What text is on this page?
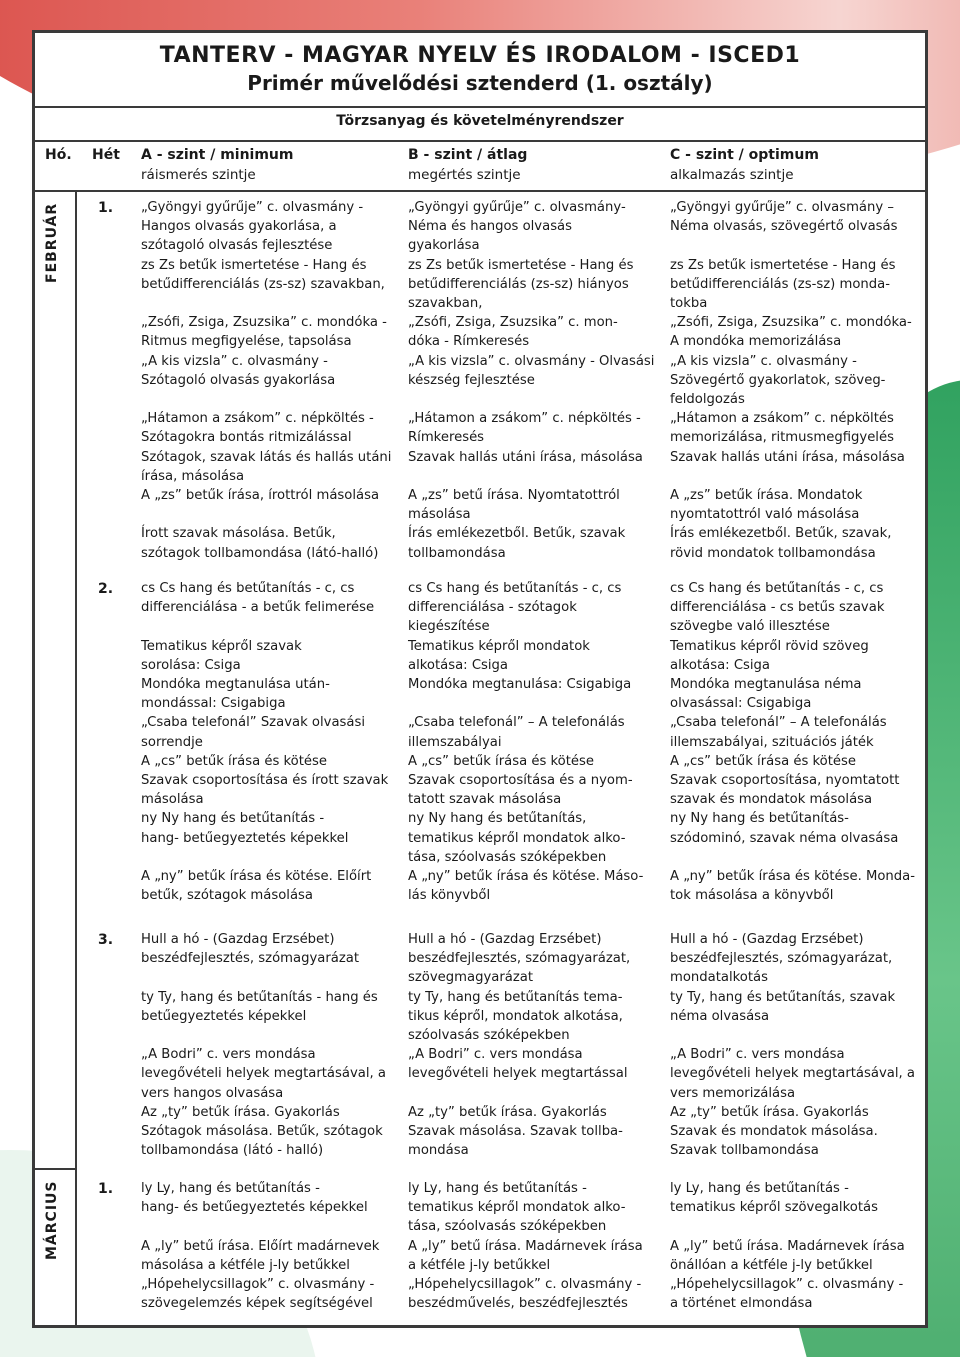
TANTERV - MAGYAR NYELV ÉS IRODALOM - ISCED1
Primér művelődési sztenderd (1. osztály)
Törzsanyag és követelményrendszer
Hó. Hét A - szint / minimum
ráismerés szintje
B - szint / átlag
megértés szintje
C - szint / optimum
alkalmazás szintje
FEBRUÁR
MÁRCIUS
1. „Gyöngyi gyűrűje” c. olvasmány -
Hangos olvasás gyakorlása, a
szótagoló olvasás fejlesztése
zs Zs betűk ismertetése - Hang és
betűdifferenciálás (zs-sz) szavakban,

„Zsófi, Zsiga, Zsuzsika” c. mondóka -
Ritmus megfigyelése, tapsolása
„A kis vizsla” c. olvasmány -
Szótagoló olvasás gyakorlása

„Hátamon a zsákom” c. népköltés -
Szótagokra bontás ritmizálással
Szótagok, szavak látás és hallás utáni
írása, másolása
A „zs” betűk írása, írottról másolása

Írott szavak másolása. Betűk,
szótagok tollbamondása (látó-halló)
„Gyöngyi gyűrűje” c. olvasmány-
Néma és hangos olvasás
gyakorlása
zs Zs betűk ismertetése - Hang és
betűdifferenciálás (zs-sz) hiányos
szavakban,
„Zsófi, Zsiga, Zsuzsika” c. mon-
dóka - Rímkeresés
„A kis vizsla” c. olvasmány - Olvasási
készség fejlesztése

„Hátamon a zsákom” c. népköltés -
Rímkeresés
Szavak hallás utáni írása, másolása

A „zs” betű írása. Nyomtatottról
másolása
Írás emlékezetből. Betűk, szavak
tollbamondása
„Gyöngyi gyűrűje” c. olvasmány –
Néma olvasás, szövegértő olvasás

zs Zs betűk ismertetése - Hang és
betűdifferenciálás (zs-sz) monda-
tokba
„Zsófi, Zsiga, Zsuzsika” c. mondóka-
A mondóka memorizálása
„A kis vizsla” c. olvasmány -
Szövegértő gyakorlatok, szöveg-
feldolgozás
„Hátamon a zsákom” c. népköltés
memorizálása, ritmusmegfigyelés
Szavak hallás utáni írása, másolása

A „zs” betűk írása. Mondatok
nyomtatottról való másolása
Írás emlékezetből. Betűk, szavak,
rövid mondatok tollbamondása
2. cs Cs hang és betűtanítás - c, cs
differenciálása - a betűk felimerése

Tematikus képről szavak
sorolása: Csiga
Mondóka megtanulása után-
mondással: Csigabiga
„Csaba telefonál” Szavak olvasási
sorrendje
A „cs” betűk írása és kötése
Szavak csoportosítása és írott szavak
másolása
ny Ny hang és betűtanítás -
hang- betűegyeztetés képekkel

A „ny” betűk írása és kötése. Előírt
betűk, szótagok másolása
cs Cs hang és betűtanítás - c, cs
differenciálása - szótagok
kiegészítése
Tematikus képről mondatok
alkotása: Csiga
Mondóka megtanulása: Csigabiga

„Csaba telefonál” – A telefonálás
illemszabályai
A „cs” betűk írása és kötése
Szavak csoportosítása és a nyom-
tatott szavak másolása
ny Ny hang és betűtanítás,
tematikus képről mondatok alko-
tása, szóolvasás szóképekben
A „ny” betűk írása és kötése. Máso-
lás könyvből
cs Cs hang és betűtanítás - c, cs
differenciálása - cs betűs szavak
szövegbe való illesztése
Tematikus képről rövid szöveg
alkotása: Csiga
Mondóka megtanulása néma
olvasással: Csigabiga
„Csaba telefonál” – A telefonálás
illemszabályai, szituációs játék
A „cs” betűk írása és kötése
Szavak csoportosítása, nyomtatott
szavak és mondatok másolása
ny Ny hang és betűtanítás-
szódominó, szavak néma olvasása

A „ny” betűk írása és kötése. Monda-
tok másolása a könyvből
3. Hull a hó - (Gazdag Erzsébet)
beszédfejlesztés, szómagyarázat

ty Ty, hang és betűtanítás - hang és
betűegyeztetés képekkel

„A Bodri” c. vers mondása
levegővételi helyek megtartásával, a
vers hangos olvasása
Az „ty” betűk írása. Gyakorlás
Szótagok másolása. Betűk, szótagok
tollbamondása (látó - halló)
Hull a hó - (Gazdag Erzsébet)
beszédfejlesztés, szómagyarázat,
szövegmagyarázat
ty Ty, hang és betűtanítás tema-
tikus képről, mondatok alkotása,
szóolvasás szóképekben
„A Bodri” c. vers mondása
levegővételi helyek megtartással

Az „ty” betűk írása. Gyakorlás
Szavak másolása. Szavak tollba-
mondása
Hull a hó - (Gazdag Erzsébet)
beszédfejlesztés, szómagyarázat,
mondatalkotás
ty Ty, hang és betűtanítás, szavak
néma olvasása

„A Bodri” c. vers mondása
levegővételi helyek megtartásával, a
vers memorizálása
Az „ty” betűk írása. Gyakorlás
Szavak és mondatok másolása.
Szavak tollbamondása
1. ly Ly, hang és betűtanítás -
hang- és betűegyeztetés képekkel

A „ly” betű írása. Előírt madárnevek
másolása a kétféle j-ly betűkkel
„Hópehelycsillagok” c. olvasmány -
szövegelemzés képek segítségével
ly Ly, hang és betűtanítás -
tematikus képről mondatok alko-
tása, szóolvasás szóképekben
A „ly” betű írása. Madárnevek írása
a kétféle j-ly betűkkel
„Hópehelycsillagok” c. olvasmány -
beszédművelés, beszédfejlesztés
ly Ly, hang és betűtanítás -
tematikus képről szövegalkotás

A „ly” betű írása. Madárnevek írása
önállóan a kétféle j-ly betűkkel
„Hópehelycsillagok” c. olvasmány -
a történet elmondása
